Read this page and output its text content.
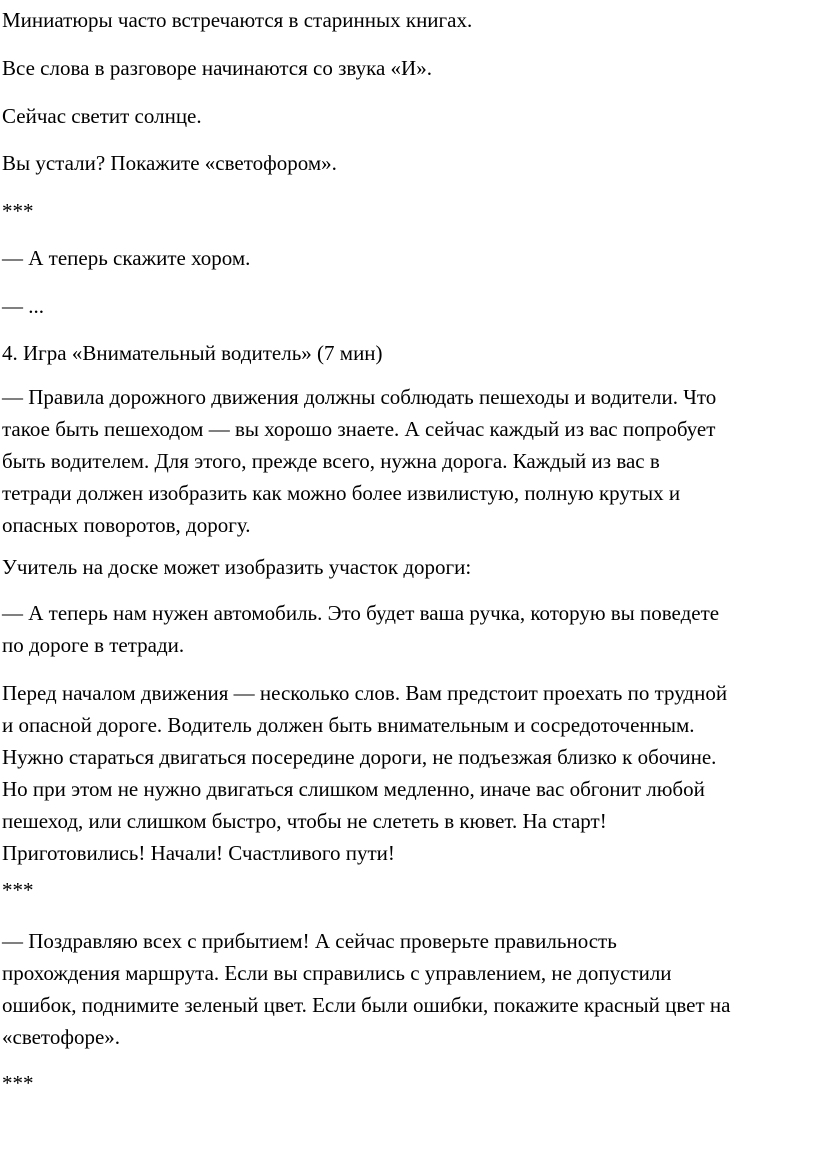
Миниатюры часто встречаются в старинных книгах.

Все слова в разговоре начинаются со звука «И».

Сейчас светит солнце.

Вы устали? Покажите «светофором».

***

— А теперь скажите хором.

— ...

4. Игра «Внимательный водитель» (7 мин)

— Правила дорожного движения должны соблюдать пешеходы и водители. Что
такое быть пешеходом — вы хорошо знаете. А сейчас каждый из вас попробует
быть водителем. Для этого, прежде всего, нужна дорога. Каждый из вас в
тетради должен изобразить как можно более извилистую, полную крутых и
опасных поворотов, дорогу.

Учитель на доске может изобразить участок дороги:

— А теперь нам нужен автомобиль. Это будет ваша ручка, которую вы поведете
по дороге в тетради.

Перед началом движения — несколько слов. Вам предстоит проехать по трудной
и опасной дороге. Водитель должен быть внимательным и сосредоточенным.
Нужно стараться двигаться посередине дороги, не подъезжая близко к обочине.
Но при этом не нужно двигаться слишком медленно, иначе вас обгонит любой
пешеход, или слишком быстро, чтобы не слететь в кювет. На старт!
Приготовились! Начали! Счастливого пути!

***

— Поздравляю всех с прибытием! А сейчас проверьте правильность
прохождения маршрута. Если вы справились с управлением, не допустили
ошибок, поднимите зеленый цвет. Если были ошибки, покажите красный цвет на
«светофоре».

***
